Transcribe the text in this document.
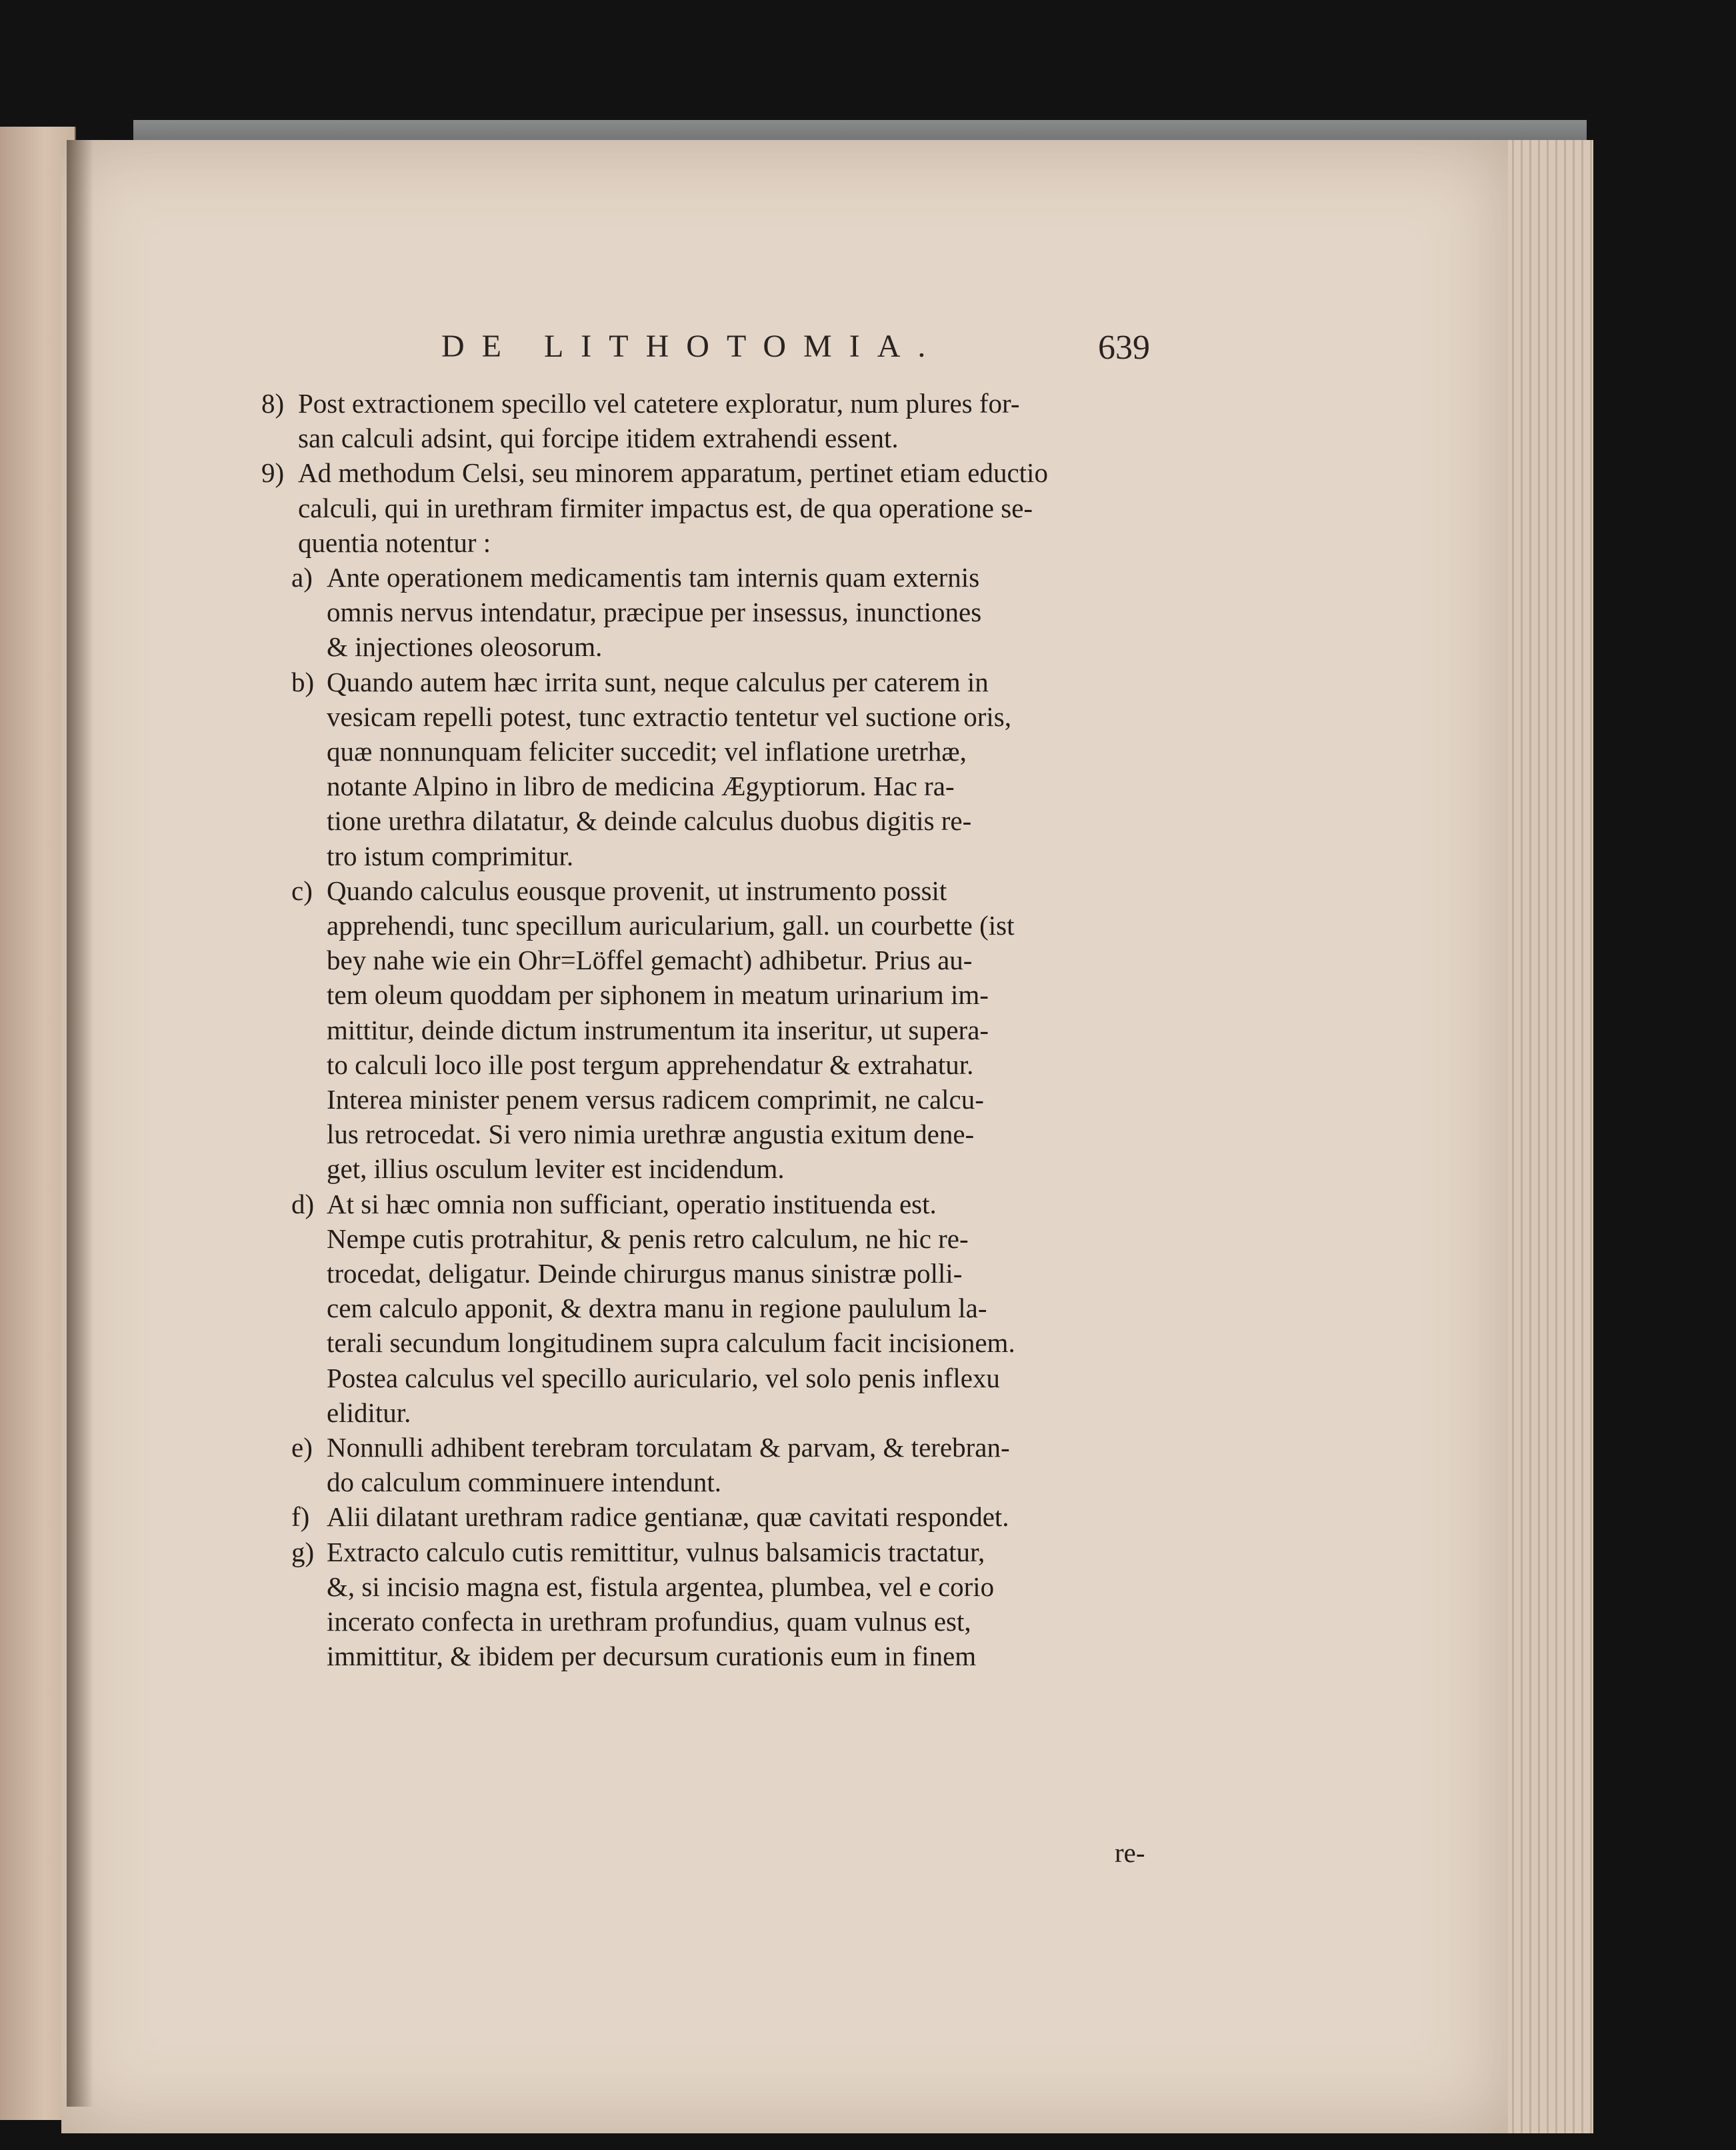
DE LITHOTOMIA.	639
8) Post extractionem specillo vel catetere exploratur, num plures for-
san calculi adsint, qui forcipe itidem extrahendi essent.
9) Ad methodum Celsi, seu minorem apparatum, pertinet etiam eductio
calculi, qui in urethram firmiter impactus est, de qua operatione se-
quentia notentur :
a) Ante operationem medicamentis tam internis quam externis
omnis nervus intendatur, præcipue per insessus, inunctiones
& injectiones oleosorum.
b) Quando autem hæc irrita sunt, neque calculus per caterem in
vesicam repelli potest, tunc extractio tentetur vel suctione oris,
quæ nonnunquam feliciter succedit; vel inflatione uretrhæ,
notante Alpino in libro de medicina Ægyptiorum. Hac ra-
tione urethra dilatatur, & deinde calculus duobus digitis re-
tro istum comprimitur.
c) Quando calculus eousque provenit, ut instrumento possit
apprehendi, tunc specillum auricularium, gall. un courbette (ist
bey nahe wie ein Ohr=Löffel gemacht) adhibetur. Prius au-
tem oleum quoddam per siphonem in meatum urinarium im-
mittitur, deinde dictum instrumentum ita inseritur, ut supera-
to calculi loco ille post tergum apprehendatur & extrahatur.
Interea minister penem versus radicem comprimit, ne calcu-
lus retrocedat. Si vero nimia urethræ angustia exitum dene-
get, illius osculum leviter est incidendum.
d) At si hæc omnia non sufficiant, operatio instituenda est.
Nempe cutis protrahitur, & penis retro calculum, ne hic re-
trocedat, deligatur. Deinde chirurgus manus sinistræ polli-
cem calculo apponit, & dextra manu in regione paululum la-
terali secundum longitudinem supra calculum facit incisionem.
Postea calculus vel specillo auriculario, vel solo penis inflexu
eliditur.
e) Nonnulli adhibent terebram torculatam & parvam, & terebran-
do calculum comminuere intendunt.
f) Alii dilatant urethram radice gentianæ, quæ cavitati respondet.
g) Extracto calculo cutis remittitur, vulnus balsamicis tractatur,
&, si incisio magna est, fistula argentea, plumbea, vel e corio
incerato confecta in urethram profundius, quam vulnus est,
immittitur, & ibidem per decursum curationis eum in finem
re-
